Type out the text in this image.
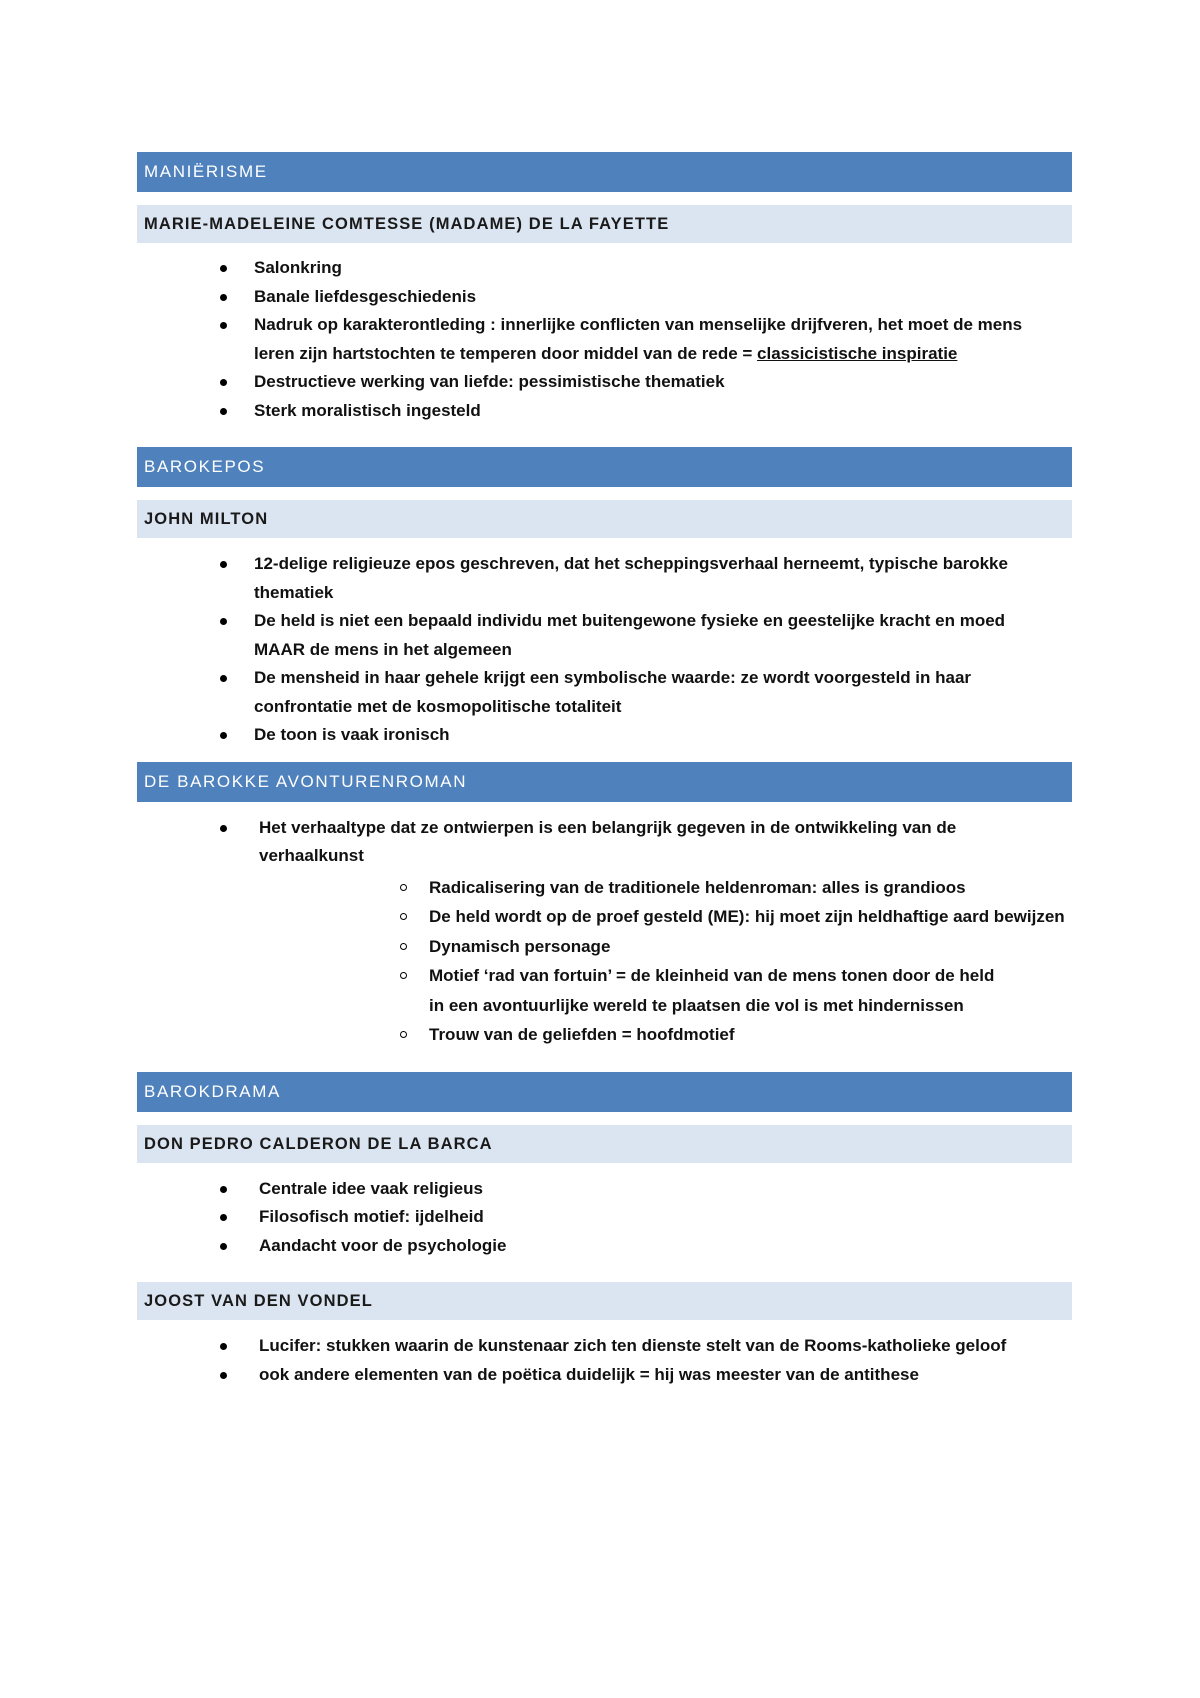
MANIËRISME
MARIE-MADELEINE COMTESSE (MADAME) DE LA FAYETTE
Salonkring
Banale liefdesgeschiedenis
Nadruk op karakterontleding : innerlijke conflicten van menselijke drijfveren, het moet de mens leren zijn hartstochten te temperen door middel van de rede = classicistische inspiratie
Destructieve werking van liefde: pessimistische thematiek
Sterk moralistisch ingesteld
BAROKEPOS
JOHN MILTON
12-delige religieuze epos geschreven, dat het scheppingsverhaal herneemt, typische barokke thematiek
De held is niet een bepaald individu met buitengewone fysieke en geestelijke kracht en moed MAAR de mens in het algemeen
De mensheid in haar gehele krijgt een symbolische waarde: ze wordt voorgesteld in haar confrontatie met de kosmopolitische totaliteit
De toon is vaak ironisch
DE BAROKKE AVONTURENROMAN
Het verhaaltype dat ze ontwierpen is een belangrijk gegeven in de ontwikkeling van de verhaalkunst
Radicalisering van de traditionele heldenroman: alles is grandioos
De held wordt op de proef gesteld (ME): hij moet zijn heldhaftige aard bewijzen
Dynamisch personage
Motief ‘rad van fortuin’ = de kleinheid van de mens tonen door de held in een avontuurlijke wereld te plaatsen die vol is met hindernissen
Trouw van de geliefden = hoofdmotief
BAROKDRAMA
DON PEDRO CALDERON DE LA BARCA
Centrale idee vaak religieus
Filosofisch motief: ijdelheid
Aandacht voor de psychologie
JOOST VAN DEN VONDEL
Lucifer: stukken waarin de kunstenaar zich ten dienste stelt van de Rooms-katholieke geloof
ook andere elementen van de poëtica duidelijk = hij was meester van de antithese
